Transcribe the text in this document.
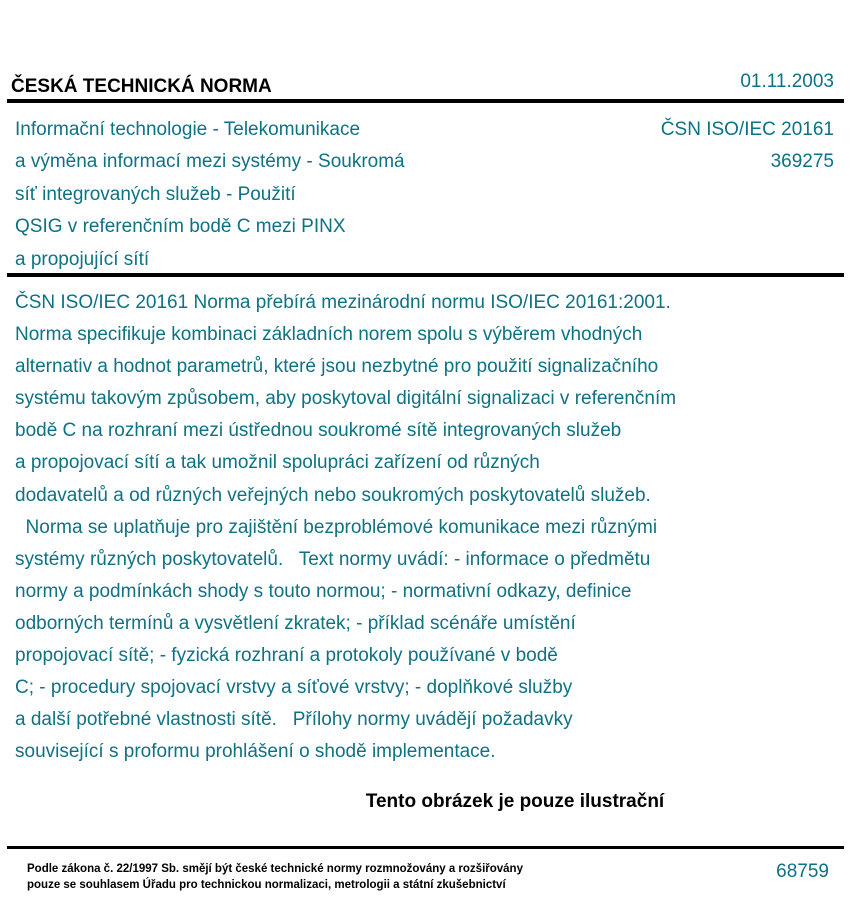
ČESKÁ TECHNICKÁ NORMA	01.11.2003
Informační technologie - Telekomunikace
a výměna informací mezi systémy - Soukromá
síť integrovaných služeb - Použití
QSIG v referenčním bodě C mezi PINX
a propojující sítí
ČSN ISO/IEC 20161
369275
ČSN ISO/IEC 20161 Norma přebírá mezinárodní normu ISO/IEC 20161:2001.
Norma specifikuje kombinaci základních norem spolu s výběrem vhodných
alternativ a hodnot parametrů, které jsou nezbytné pro použití signalizačního
systému takovým způsobem, aby poskytoval digitální signalizaci v referenčním
bodě C na rozhraní mezi ústřednou soukromé sítě integrovaných služeb
a propojovací sítí a tak umožnil spolupráci zařízení od různých
dodavatelů a od různých veřejných nebo soukromých poskytovatelů služeb.
Norma se uplatňuje pro zajištění bezproblémové komunikace mezi různými
systémy různých poskytovatelů.   Text normy uvádí: - informace o předmětu
normy a podmínkách shody s touto normou; - normativní odkazy, definice
odborných termínů a vysvětlení zkratek; - příklad scénáře umístění
propojovací sítě; - fyzická rozhraní a protokoly používané v bodě
C; - procedury spojovací vrstvy a síťové vrstvy; - doplňkové služby
a další potřebné vlastnosti sítě.   Přílohy normy uvádějí požadavky
související s proformu prohlášení o shodě implementace.
Tento obrázek je pouze ilustrační
Podle zákona č. 22/1997 Sb. smějí být české technické normy rozmnožovány a rozšiřovány
pouze se souhlasem Úřadu pro technickou normalizaci, metrologii a státní zkušebnictví
68759
